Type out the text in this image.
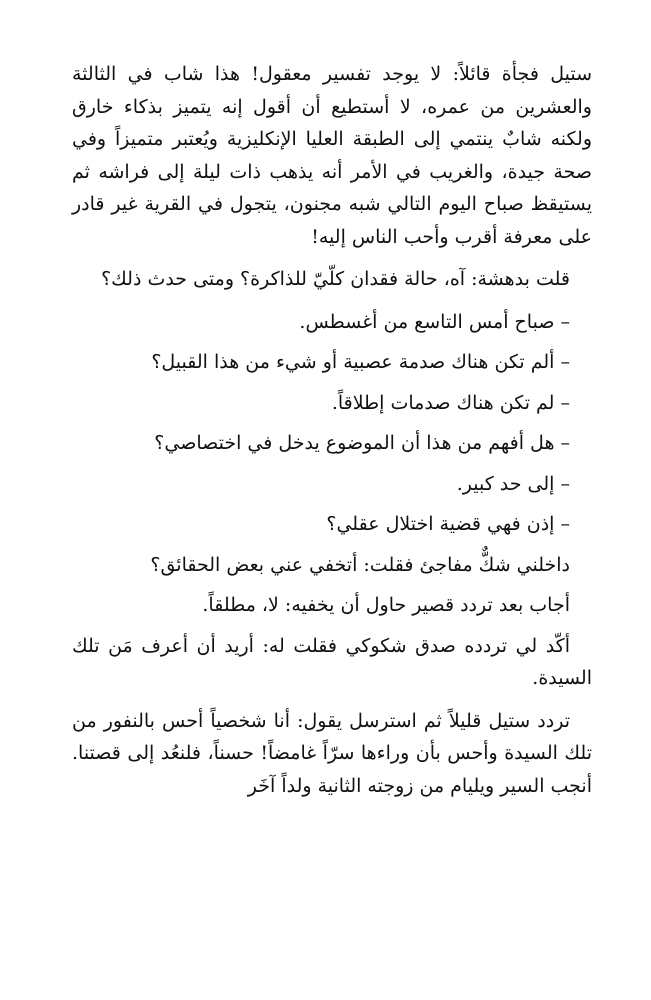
ستيل فجأة قائلاً: لا يوجد تفسير معقول! هذا شاب في الثالثة والعشرين من عمره، لا أستطيع أن أقول إنه يتميز بذكاء خارق ولكنه شابٌ ينتمي إلى الطبقة العليا الإنكليزية ويُعتبر متميزاً وفي صحة جيدة، والغريب في الأمر أنه يذهب ذات ليلة إلى فراشه ثم يستيقظ صباح اليوم التالي شبه مجنون، يتجول في القرية غير قادر على معرفة أقرب وأحب الناس إليه!

قلت بدهشة: آه، حالة فقدان كلّيّ للذاكرة؟ ومتى حدث ذلك؟

– صباح أمس التاسع من أغسطس.

– ألم تكن هناك صدمة عصبية أو شيء من هذا القبيل؟

– لم تكن هناك صدمات إطلاقاً.

– هل أفهم من هذا أن الموضوع يدخل في اختصاصي؟

– إلى حد كبير.

– إذن فهي قضية اختلال عقلي؟

داخلني شكٌّ مفاجئ فقلت: أتخفي عني بعض الحقائق؟

أجاب بعد تردد قصير حاول أن يخفيه: لا، مطلقاً.

أكّد لي تردده صدق شكوكي فقلت له: أريد أن أعرف مَن تلك السيدة.

تردد ستيل قليلاً ثم استرسل يقول: أنا شخصياً أحس بالنفور من تلك السيدة وأحس بأن وراءها سرّاً غامضاً! حسناً، فلنعُد إلى قصتنا. أنجب السير ويليام من زوجته الثانية ولداً آخَر
